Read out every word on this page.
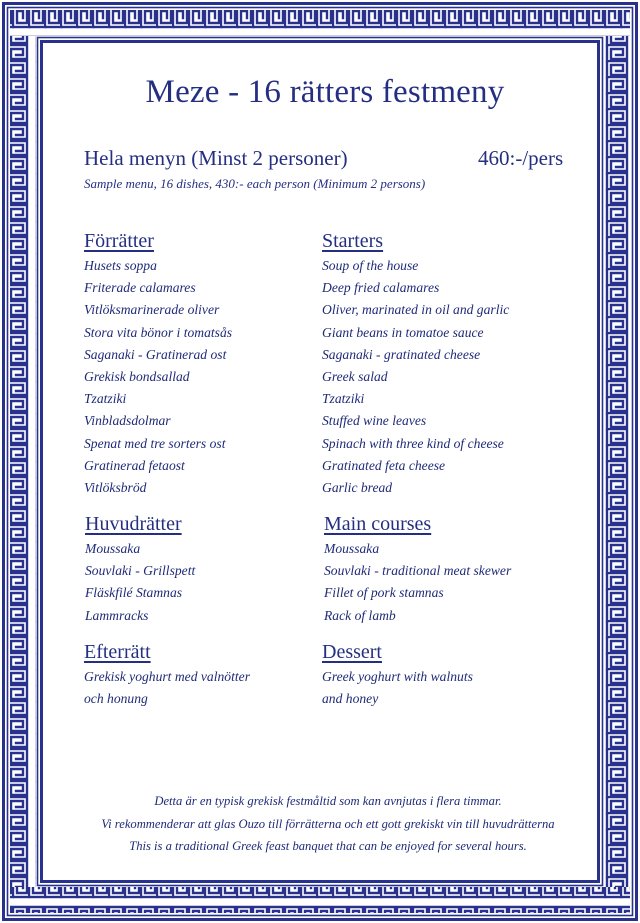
Meze - 16 rätters festmeny
Hela menyn (Minst 2 personer)	460:-/pers
Sample menu, 16 dishes, 430:- each person (Minimum 2 persons)
Förrätter
Husets soppa
Friterade calamares
Vitlöksmarinerade oliver
Stora vita bönor i tomatsås
Saganaki - Gratinerad ost
Grekisk bondsallad
Tzatziki
Vinbladsdolmar
Spenat med tre sorters ost
Gratinerad fetaost
Vitlöksbröd
Starters
Soup of the house
Deep fried calamares
Oliver, marinated in oil and garlic
Giant beans in tomatoe sauce
Saganaki - gratinated cheese
Greek salad
Tzatziki
Stuffed wine leaves
Spinach with three kind of cheese
Gratinated feta cheese
Garlic bread
Huvudrätter
Moussaka
Souvlaki - Grillspett
Fläskfilé Stamnas
Lammracks
Main courses
Moussaka
Souvlaki - traditional meat skewer
Fillet of pork stamnas
Rack of lamb
Efterrätt
Grekisk yoghurt med valnötter
och honung
Dessert
Greek yoghurt with walnuts
and honey
Detta är en typisk grekisk festmåltid som kan avnjutas i flera timmar.
Vi rekommenderar att glas Ouzo till förrätterna och ett gott grekiskt vin till huvudrätterna
This is a traditional Greek feast banquet that can be enjoyed for several hours.
